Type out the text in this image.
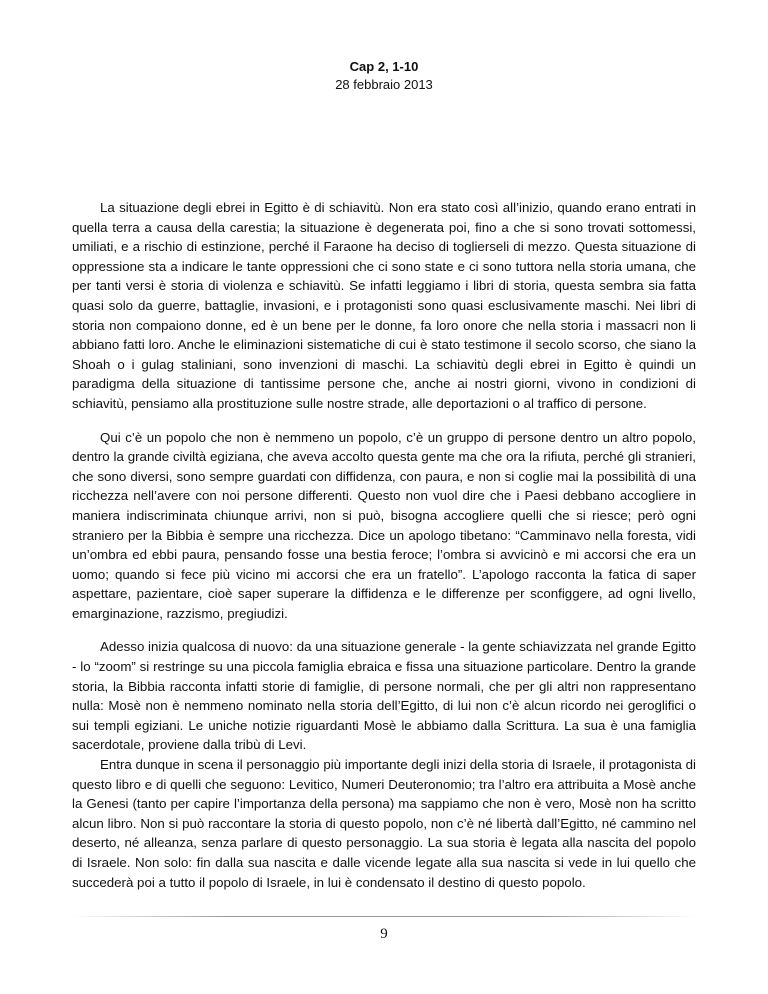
Cap 2, 1-10
28 febbraio 2013

La situazione degli ebrei in Egitto è di schiavitù. Non era stato così all’inizio, quando erano entrati in quella terra a causa della carestia; la situazione è degenerata poi, fino a che si sono trovati sottomessi, umiliati, e a rischio di estinzione, perché il Faraone ha deciso di toglierseli di mezzo. Questa situazione di oppressione sta a indicare le tante oppressioni che ci sono state e ci sono tuttora nella storia umana, che per tanti versi è storia di violenza e schiavitù. Se infatti leggiamo i libri di storia, questa sembra sia fatta quasi solo da guerre, battaglie, invasioni, e i protagonisti sono quasi esclusivamente maschi. Nei libri di storia non compaiono donne, ed è un bene per le donne, fa loro onore che nella storia i massacri non li abbiano fatti loro. Anche le eliminazioni sistematiche di cui è stato testimone il secolo scorso, che siano la Shoah o i gulag staliniani, sono invenzioni di maschi. La schiavitù degli ebrei in Egitto è quindi un paradigma della situazione di tantissime persone che, anche ai nostri giorni, vivono in condizioni di schiavitù, pensiamo alla prostituzione sulle nostre strade, alle deportazioni o al traffico di persone.

Qui c’è un popolo che non è nemmeno un popolo, c’è un gruppo di persone dentro un altro popolo, dentro la grande civiltà egiziana, che aveva accolto questa gente ma che ora la rifiuta, perché gli stranieri, che sono diversi, sono sempre guardati con diffidenza, con paura, e non si coglie mai la possibilità di una ricchezza nell’avere con noi persone differenti. Questo non vuol dire che i Paesi debbano accogliere in maniera indiscriminata chiunque arrivi, non si può, bisogna accogliere quelli che si riesce; però ogni straniero per la Bibbia è sempre una ricchezza. Dice un apologo tibetano: “Camminavo nella foresta, vidi un’ombra ed ebbi paura, pensando fosse una bestia feroce; l’ombra si avvicinò e mi accorsi che era un uomo; quando si fece più vicino mi accorsi che era un fratello”. L’apologo racconta la fatica di saper aspettare, pazientare, cioè saper superare la diffidenza e le differenze per sconfiggere, ad ogni livello, emarginazione, razzismo, pregiudizi.

Adesso inizia qualcosa di nuovo: da una situazione generale - la gente schiavizzata nel grande Egitto - lo “zoom” si restringe su una piccola famiglia ebraica e fissa una situazione particolare. Dentro la grande storia, la Bibbia racconta infatti storie di famiglie, di persone normali, che per gli altri non rappresentano nulla: Mosè non è nemmeno nominato nella storia dell’Egitto, di lui non c’è alcun ricordo nei geroglifici o sui templi egiziani. Le uniche notizie riguardanti Mosè le abbiamo dalla Scrittura. La sua è una famiglia sacerdotale, proviene dalla tribù di Levi.

Entra dunque in scena il personaggio più importante degli inizi della storia di Israele, il protagonista di questo libro e di quelli che seguono: Levitico, Numeri Deuteronomio; tra l’altro era attribuita a Mosè anche la Genesi (tanto per capire l’importanza della persona) ma sappiamo che non è vero, Mosè non ha scritto alcun libro. Non si può raccontare la storia di questo popolo, non c’è né libertà dall’Egitto, né cammino nel deserto, né alleanza, senza parlare di questo personaggio. La sua storia è legata alla nascita del popolo di Israele. Non solo: fin dalla sua nascita e dalle vicende legate alla sua nascita si vede in lui quello che succederà poi a tutto il popolo di Israele, in lui è condensato il destino di questo popolo.

9
